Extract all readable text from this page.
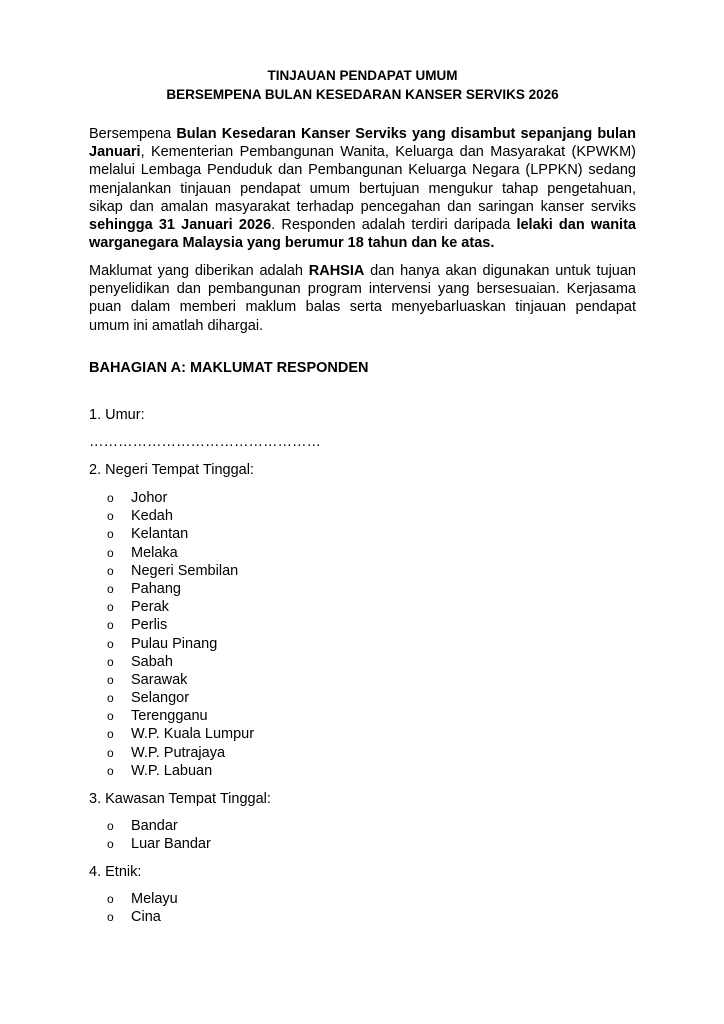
TINJAUAN PENDAPAT UMUM

BERSEMPENA BULAN KESEDARAN KANSER SERVIKS 2026

Bersempena Bulan Kesedaran Kanser Serviks yang disambut sepanjang bulan Januari, Kementerian Pembangunan Wanita, Keluarga dan Masyarakat (KPWKM) melalui Lembaga Penduduk dan Pembangunan Keluarga Negara (LPPKN) sedang menjalankan tinjauan pendapat umum bertujuan mengukur tahap pengetahuan, sikap dan amalan masyarakat terhadap pencegahan dan saringan kanser serviks sehingga 31 Januari 2026. Responden adalah terdiri daripada lelaki dan wanita warganegara Malaysia yang berumur 18 tahun dan ke atas.

Maklumat yang diberikan adalah RAHSIA dan hanya akan digunakan untuk tujuan penyelidikan dan pembangunan program intervensi yang bersesuaian. Kerjasama puan dalam memberi maklum balas serta menyebarluaskan tinjauan pendapat umum ini amatlah dihargai.

BAHAGIAN A: MAKLUMAT RESPONDEN

1. Umur:

…………………………………………

2. Negeri Tempat Tinggal:

o Johor
o Kedah
o Kelantan
o Melaka
o Negeri Sembilan
o Pahang
o Perak
o Perlis
o Pulau Pinang
o Sabah
o Sarawak
o Selangor
o Terengganu
o W.P. Kuala Lumpur
o W.P. Putrajaya
o W.P. Labuan

3. Kawasan Tempat Tinggal:

o Bandar
o Luar Bandar

4. Etnik:

o Melayu
o Cina
